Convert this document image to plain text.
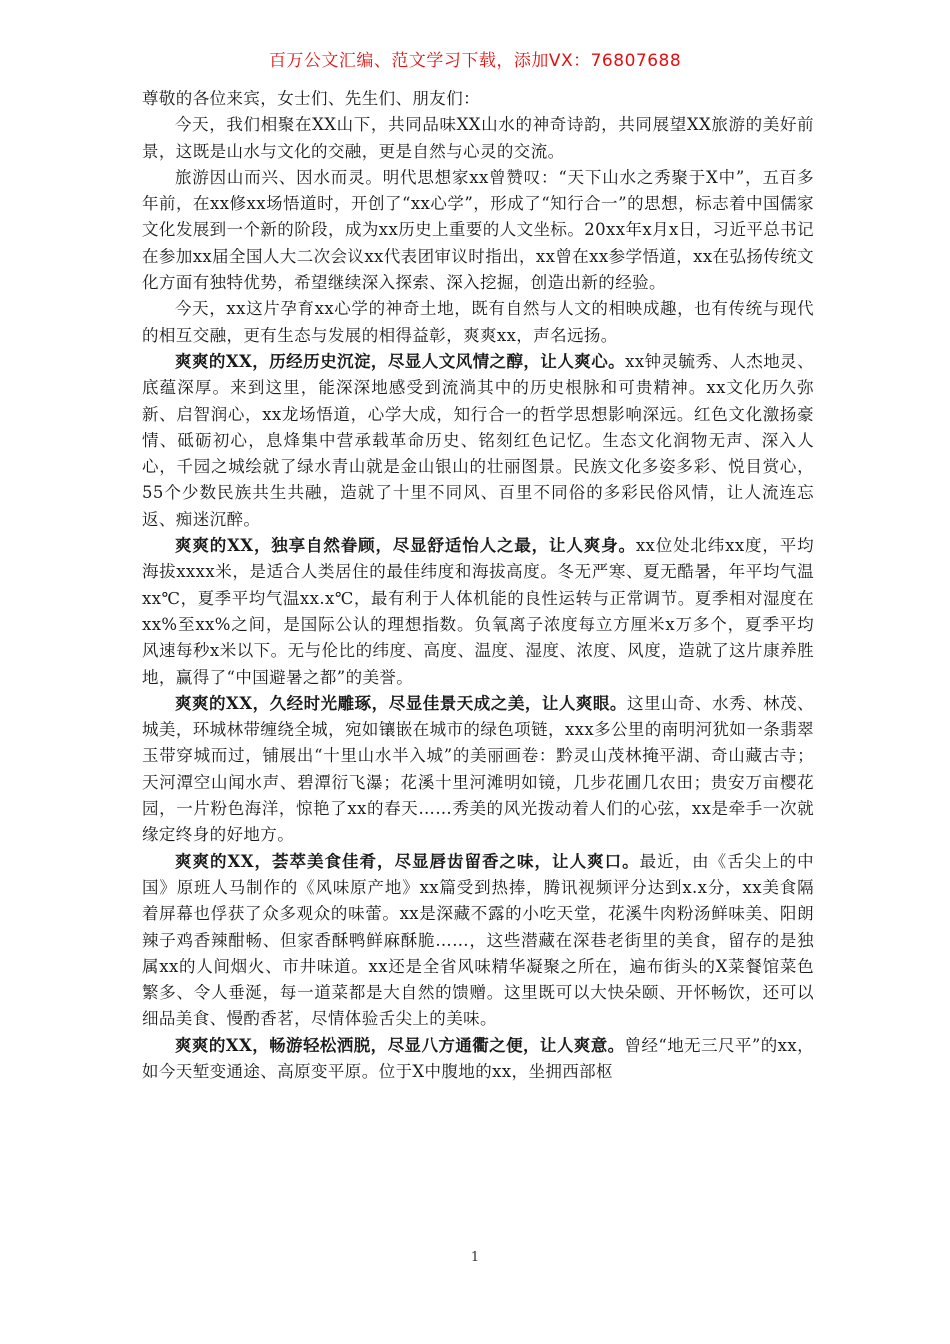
百万公文汇编、范文学习下载，添加VX：76807688

尊敬的各位来宾，女士们、先生们、朋友们：

今天，我们相聚在XX山下，共同品味XX山水的神奇诗韵，共同展望XX旅游的美好前景，这既是山水与文化的交融，更是自然与心灵的交流。

旅游因山而兴、因水而灵。明代思想家xx曾赞叹：“天下山水之秀聚于X中”，五百多年前，在xx修xx场悟道时，开创了“xx心学”，形成了“知行合一”的思想，标志着中国儒家文化发展到一个新的阶段，成为xx历史上重要的人文坐标。20xx年x月x日，习近平总书记在参加xx届全国人大二次会议xx代表团审议时指出，xx曾在xx参学悟道，xx在弘扬传统文化方面有独特优势，希望继续深入探索、深入挖掘，创造出新的经验。

今天，xx这片孕育xx心学的神奇土地，既有自然与人文的相映成趣，也有传统与现代的相互交融，更有生态与发展的相得益彰，爽爽xx，声名远扬。

爽爽的XX，历经历史沉淀，尽显人文风情之醇，让人爽心。xx钟灵毓秀、人杰地灵、底蕴深厚。来到这里，能深深地感受到流淌其中的历史根脉和可贵精神。xx文化历久弥新、启智润心，xx龙场悟道，心学大成，知行合一的哲学思想影响深远。红色文化激扬豪情、砥砺初心，息烽集中营承载革命历史、铭刻红色记忆。生态文化润物无声、深入人心，千园之城绘就了绿水青山就是金山银山的壮丽图景。民族文化多姿多彩、悦目赏心，55个少数民族共生共融，造就了十里不同风、百里不同俗的多彩民俗风情，让人流连忘返、痴迷沉醉。

爽爽的XX，独享自然眷顾，尽显舒适怡人之最，让人爽身。xx位处北纬xx度，平均海拔xxxx米，是适合人类居住的最佳纬度和海拔高度。冬无严寒、夏无酷暑，年平均气温xx℃，夏季平均气温xx.x℃，最有利于人体机能的良性运转与正常调节。夏季相对湿度在xx%至xx%之间，是国际公认的理想指数。负氧离子浓度每立方厘米x万多个，夏季平均风速每秒x米以下。无与伦比的纬度、高度、温度、湿度、浓度、风度，造就了这片康养胜地，赢得了“中国避暑之都”的美誉。

爽爽的XX，久经时光雕琢，尽显佳景天成之美，让人爽眼。这里山奇、水秀、林茂、城美，环城林带缠绕全城，宛如镶嵌在城市的绿色项链，xxx多公里的南明河犹如一条翡翠玉带穿城而过，铺展出“十里山水半入城”的美丽画卷：黔灵山茂林掩平湖、奇山藏古寺；天河潭空山闻水声、碧潭衍飞瀑；花溪十里河滩明如镜，几步花圃几农田；贵安万亩樱花园，一片粉色海洋，惊艳了xx的春天……秀美的风光拨动着人们的心弦，xx是牵手一次就缘定终身的好地方。

爽爽的XX，荟萃美食佳肴，尽显唇齿留香之味，让人爽口。最近，由《舌尖上的中国》原班人马制作的《风味原产地》xx篇受到热捧，腾讯视频评分达到x.x分，xx美食隔着屏幕也俘获了众多观众的味蕾。xx是深藏不露的小吃天堂，花溪牛肉粉汤鲜味美、阳朗辣子鸡香辣酣畅、但家香酥鸭鲜麻酥脆……，这些潜藏在深巷老街里的美食，留存的是独属xx的人间烟火、市井味道。xx还是全省风味精华凝聚之所在，遍布街头的X菜餐馆菜色繁多、令人垂涎，每一道菜都是大自然的馈赠。这里既可以大快朵颐、开怀畅饮，还可以细品美食、慢酌香茗，尽情体验舌尖上的美味。

爽爽的XX，畅游轻松洒脱，尽显八方通衢之便，让人爽意。曾经“地无三尺平”的xx，如今天堑变通途、高原变平原。位于X中腹地的xx，坐拥西部枢

1
